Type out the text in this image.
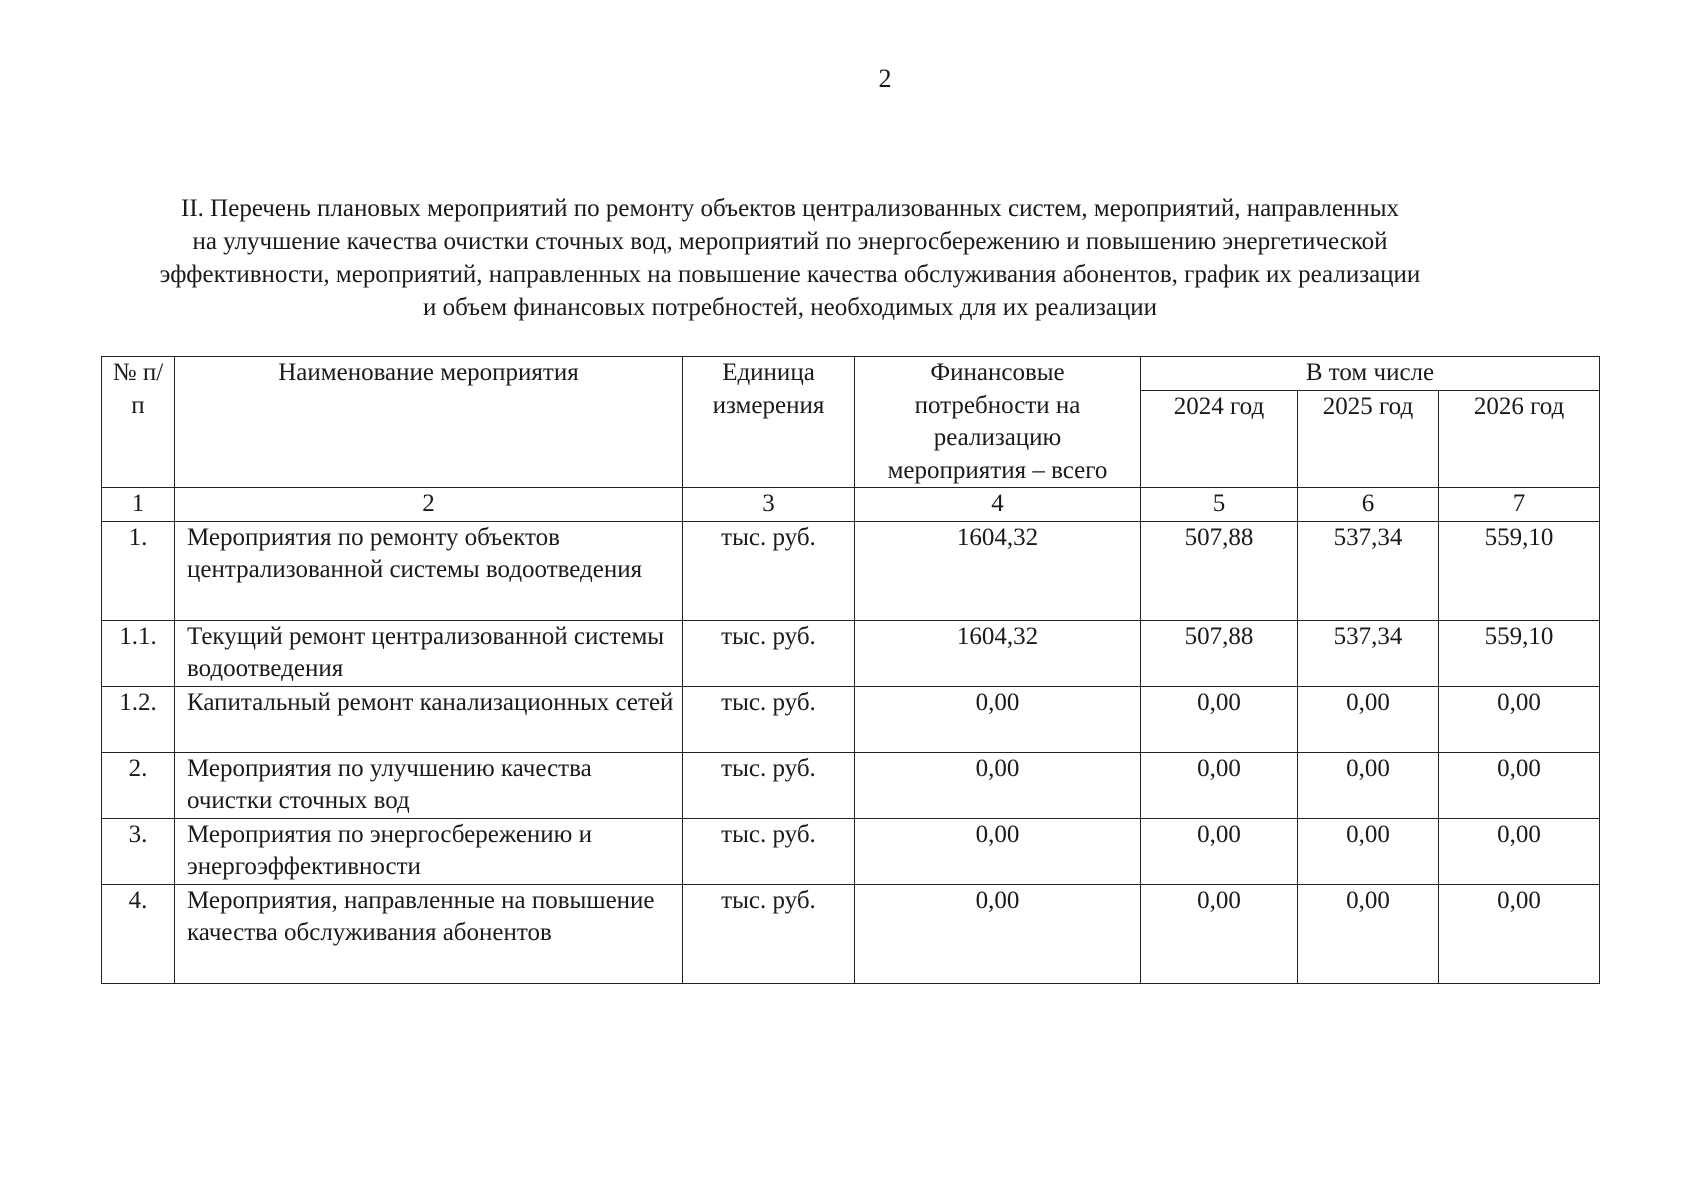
2
II. Перечень плановых мероприятий по ремонту объектов централизованных систем, мероприятий, направленных
на улучшение качества очистки сточных вод, мероприятий по энергосбережению и повышению энергетической
эффективности, мероприятий, направленных на повышение качества обслуживания абонентов, график их реализации
и объем финансовых потребностей, необходимых для их реализации
№ п/п	Наименование мероприятия	Единица измерения	Финансовые потребности на реализацию мероприятия – всего	В том числе		
				2024 год	2025 год	2026 год
1	2	3	4	5	6	7
1.	Мероприятия по ремонту объектов централизованной системы водоотведения	тыс. руб.	1604,32	507,88	537,34	559,10
1.1.	Текущий ремонт централизованной системы водоотведения	тыс. руб.	1604,32	507,88	537,34	559,10
1.2.	Капитальный ремонт канализационных сетей	тыс. руб.	0,00	0,00	0,00	0,00
2.	Мероприятия по улучшению качества очистки сточных вод	тыс. руб.	0,00	0,00	0,00	0,00
3.	Мероприятия по энергосбережению и энергоэффективности	тыс. руб.	0,00	0,00	0,00	0,00
4.	Мероприятия, направленные на повышение качества обслуживания абонентов	тыс. руб.	0,00	0,00	0,00	0,00
